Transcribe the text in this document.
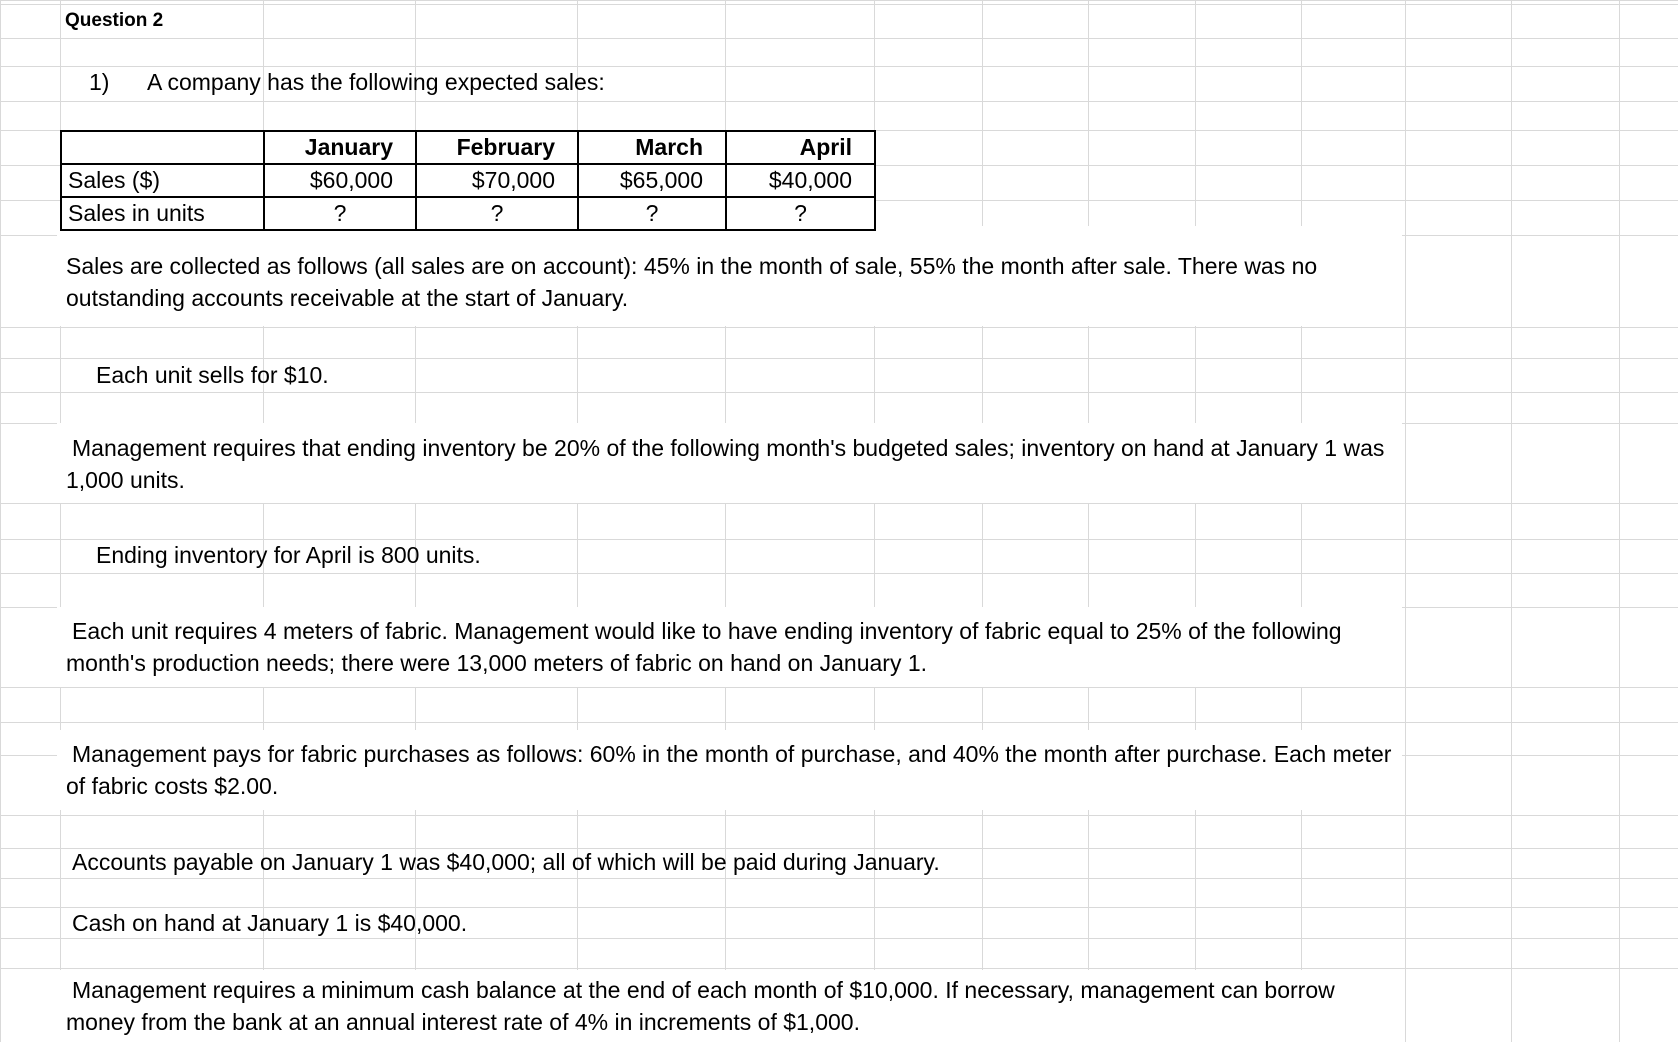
Question 2
1) A company has the following expected sales:
	January	February	March	April
Sales ($)	$60,000	$70,000	$65,000	$40,000
Sales in units	?	?	?	?
Sales are collected as follows (all sales are on account): 45% in the month of sale, 55% the month after sale. There was no outstanding accounts receivable at the start of January.
Each unit sells for $10.
Management requires that ending inventory be 20% of the following month's budgeted sales; inventory on hand at January 1 was 1,000 units.
Ending inventory for April is 800 units.
Each unit requires 4 meters of fabric. Management would like to have ending inventory of fabric equal to 25% of the following month's production needs; there were 13,000 meters of fabric on hand on January 1.
Management pays for fabric purchases as follows: 60% in the month of purchase, and 40% the month after purchase. Each meter of fabric costs $2.00.
Accounts payable on January 1 was $40,000; all of which will be paid during January.
Cash on hand at January 1 is $40,000.
Management requires a minimum cash balance at the end of each month of $10,000. If necessary, management can borrow money from the bank at an annual interest rate of 4% in increments of $1,000.
